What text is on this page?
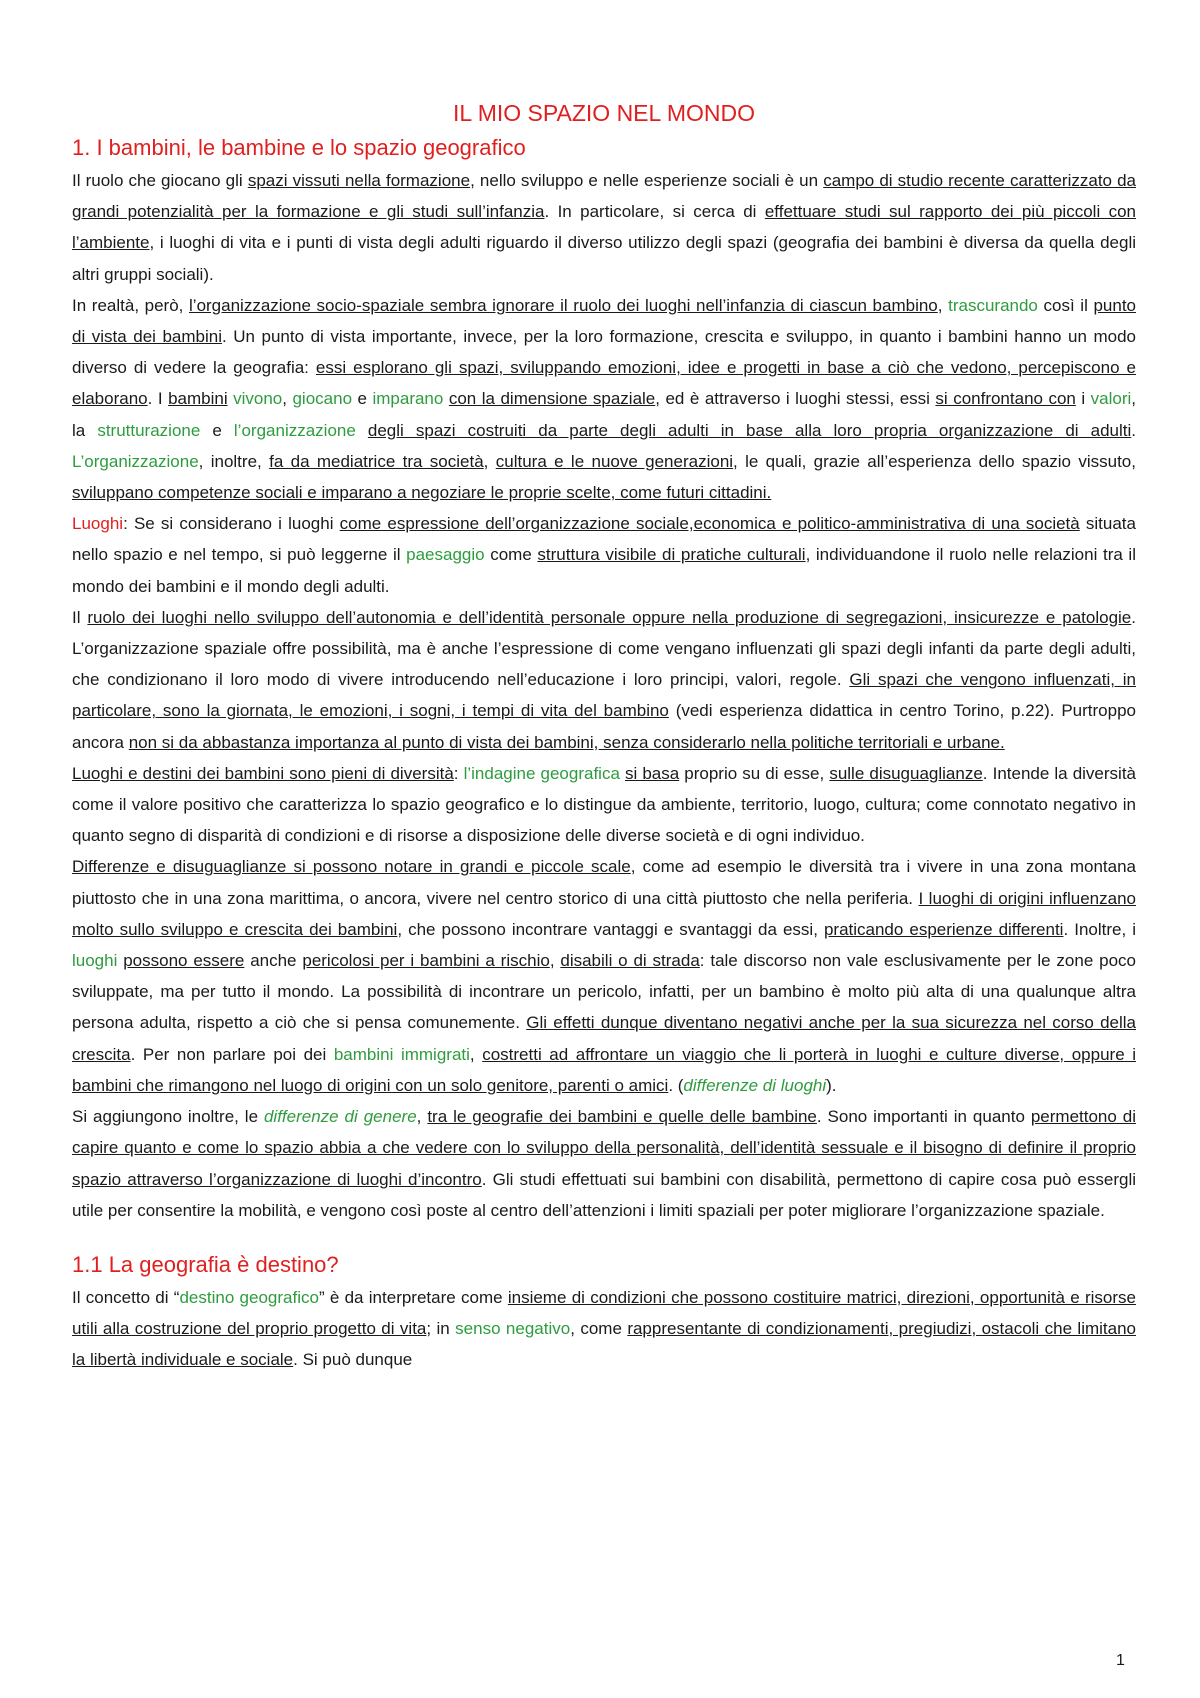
IL MIO SPAZIO NEL MONDO
1. I bambini, le bambine e lo spazio geografico

Il ruolo che giocano gli spazi vissuti nella formazione, nello sviluppo e nelle esperienze sociali è un campo di studio recente caratterizzato da grandi potenzialità per la formazione e gli studi sull’infanzia. In particolare, si cerca di effettuare studi sul rapporto dei più piccoli con l’ambiente, i luoghi di vita e i punti di vista degli adulti riguardo il diverso utilizzo degli spazi (geografia dei bambini è diversa da quella degli altri gruppi sociali).

In realtà, però, l’organizzazione socio-spaziale sembra ignorare il ruolo dei luoghi nell’infanzia di ciascun bambino, trascurando così il punto di vista dei bambini. Un punto di vista importante, invece, per la loro formazione, crescita e sviluppo, in quanto i bambini hanno un modo diverso di vedere la geografia: essi esplorano gli spazi, sviluppando emozioni, idee e progetti in base a ciò che vedono, percepiscono e elaborano. I bambini vivono, giocano e imparano con la dimensione spaziale, ed è attraverso i luoghi stessi, essi si confrontano con i valori, la strutturazione e l’organizzazione degli spazi costruiti da parte degli adulti in base alla loro propria organizzazione di adulti. L’organizzazione, inoltre, fa da mediatrice tra società, cultura e le nuove generazioni, le quali, grazie all’esperienza dello spazio vissuto, sviluppano competenze sociali e imparano a negoziare le proprie scelte, come futuri cittadini.

Luoghi: Se si considerano i luoghi come espressione dell’organizzazione sociale,economica e politico-amministrativa di una società situata nello spazio e nel tempo, si può leggerne il paesaggio come struttura visibile di pratiche culturali, individuandone il ruolo nelle relazioni tra il mondo dei bambini e il mondo degli adulti.

Il ruolo dei luoghi nello sviluppo dell’autonomia e dell’identità personale oppure nella produzione di segregazioni, insicurezze e patologie. L’organizzazione spaziale offre possibilità, ma è anche l’espressione di come vengano influenzati gli spazi degli infanti da parte degli adulti, che condizionano il loro modo di vivere introducendo nell’educazione i loro principi, valori, regole. Gli spazi che vengono influenzati, in particolare, sono la giornata, le emozioni, i sogni, i tempi di vita del bambino (vedi esperienza didattica in centro Torino, p.22). Purtroppo ancora non si da abbastanza importanza al punto di vista dei bambini, senza considerarlo nella politiche territoriali e urbane.

Luoghi e destini dei bambini sono pieni di diversità: l’indagine geografica si basa proprio su di esse, sulle disuguaglianze. Intende la diversità come il valore positivo che caratterizza lo spazio geografico e lo distingue da ambiente, territorio, luogo, cultura; come connotato negativo in quanto segno di disparità di condizioni e di risorse a disposizione delle diverse società e di ogni individuo.

Differenze e disuguaglianze si possono notare in grandi e piccole scale, come ad esempio le diversità tra i vivere in una zona montana piuttosto che in una zona marittima, o ancora, vivere nel centro storico di una città piuttosto che nella periferia. I luoghi di origini influenzano molto sullo sviluppo e crescita dei bambini, che possono incontrare vantaggi e svantaggi da essi, praticando esperienze differenti. Inoltre, i luoghi possono essere anche pericolosi per i bambini a rischio, disabili o di strada: tale discorso non vale esclusivamente per le zone poco sviluppate, ma per tutto il mondo. La possibilità di incontrare un pericolo, infatti, per un bambino è molto più alta di una qualunque altra persona adulta, rispetto a ciò che si pensa comunemente. Gli effetti dunque diventano negativi anche per la sua sicurezza nel corso della crescita. Per non parlare poi dei bambini immigrati, costretti ad affrontare un viaggio che li porterà in luoghi e culture diverse, oppure i bambini che rimangono nel luogo di origini con un solo genitore, parenti o amici. (differenze di luoghi).

Si aggiungono inoltre, le differenze di genere, tra le geografie dei bambini e quelle delle bambine. Sono importanti in quanto permettono di capire quanto e come lo spazio abbia a che vedere con lo sviluppo della personalità, dell’identità sessuale e il bisogno di definire il proprio spazio attraverso l’organizzazione di luoghi d’incontro. Gli studi effettuati sui bambini con disabilità, permettono di capire cosa può essergli utile per consentire la mobilità, e vengono così poste al centro dell’attenzioni i limiti spaziali per poter migliorare l’organizzazione spaziale.

1.1 La geografia è destino?

Il concetto di “destino geografico” è da interpretare come insieme di condizioni che possono costituire matrici, direzioni, opportunità e risorse utili alla costruzione del proprio progetto di vita; in senso negativo, come rappresentante di condizionamenti, pregiudizi, ostacoli che limitano la libertà individuale e sociale. Si può dunque

1
